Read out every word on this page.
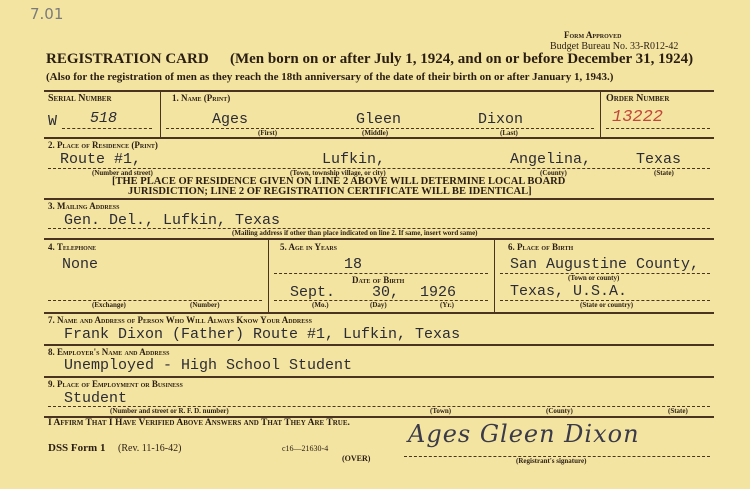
7.01
Form Approved
Budget Bureau No. 33-R012-42
REGISTRATION CARD (Men born on or after July 1, 1924, and on or before December 31, 1924)
(Also for the registration of men as they reach the 18th anniversary of the date of their birth on or after January 1, 1943.)
Serial Number
W 518
1. Name (Print)
Ages	Gleen	Dixon
(First)	(Middle)	(Last)
Order Number
13222
2. Place of Residence (Print)
Route #1,	Lufkin,	Angelina,	Texas
(Number and street)	(Town, township village, or city)	(County)	(State)
[THE PLACE OF RESIDENCE GIVEN ON LINE 2 ABOVE WILL DETERMINE LOCAL BOARD
JURISDICTION; LINE 2 OF REGISTRATION CERTIFICATE WILL BE IDENTICAL]
3. Mailing Address
Gen. Del., Lufkin, Texas
(Mailing address if other than place indicated on line 2. If same, insert word same)
4. Telephone
None
(Exchange)	(Number)
5. Age in Years
18
Date of Birth
Sept. 30, 1926
(Mo.)	(Day)	(Yr.)
6. Place of Birth
San Augustine County,
(Town or county)
Texas, U.S.A.
(State or country)
7. Name and Address of Person Who Will Always Know Your Address
Frank Dixon (Father) Route #1, Lufkin, Texas
8. Employer's Name and Address
Unemployed - High School Student
9. Place of Employment or Business
Student
(Number and street or R. F. D. number)	(Town)	(County)	(State)
I Affirm That I Have Verified Above Answers and That They Are True.
DSS Form 1 (Rev. 11-16-42)	c16—21630-4
(OVER)
Ages Gleen Dixon
(Registrant's signature)
